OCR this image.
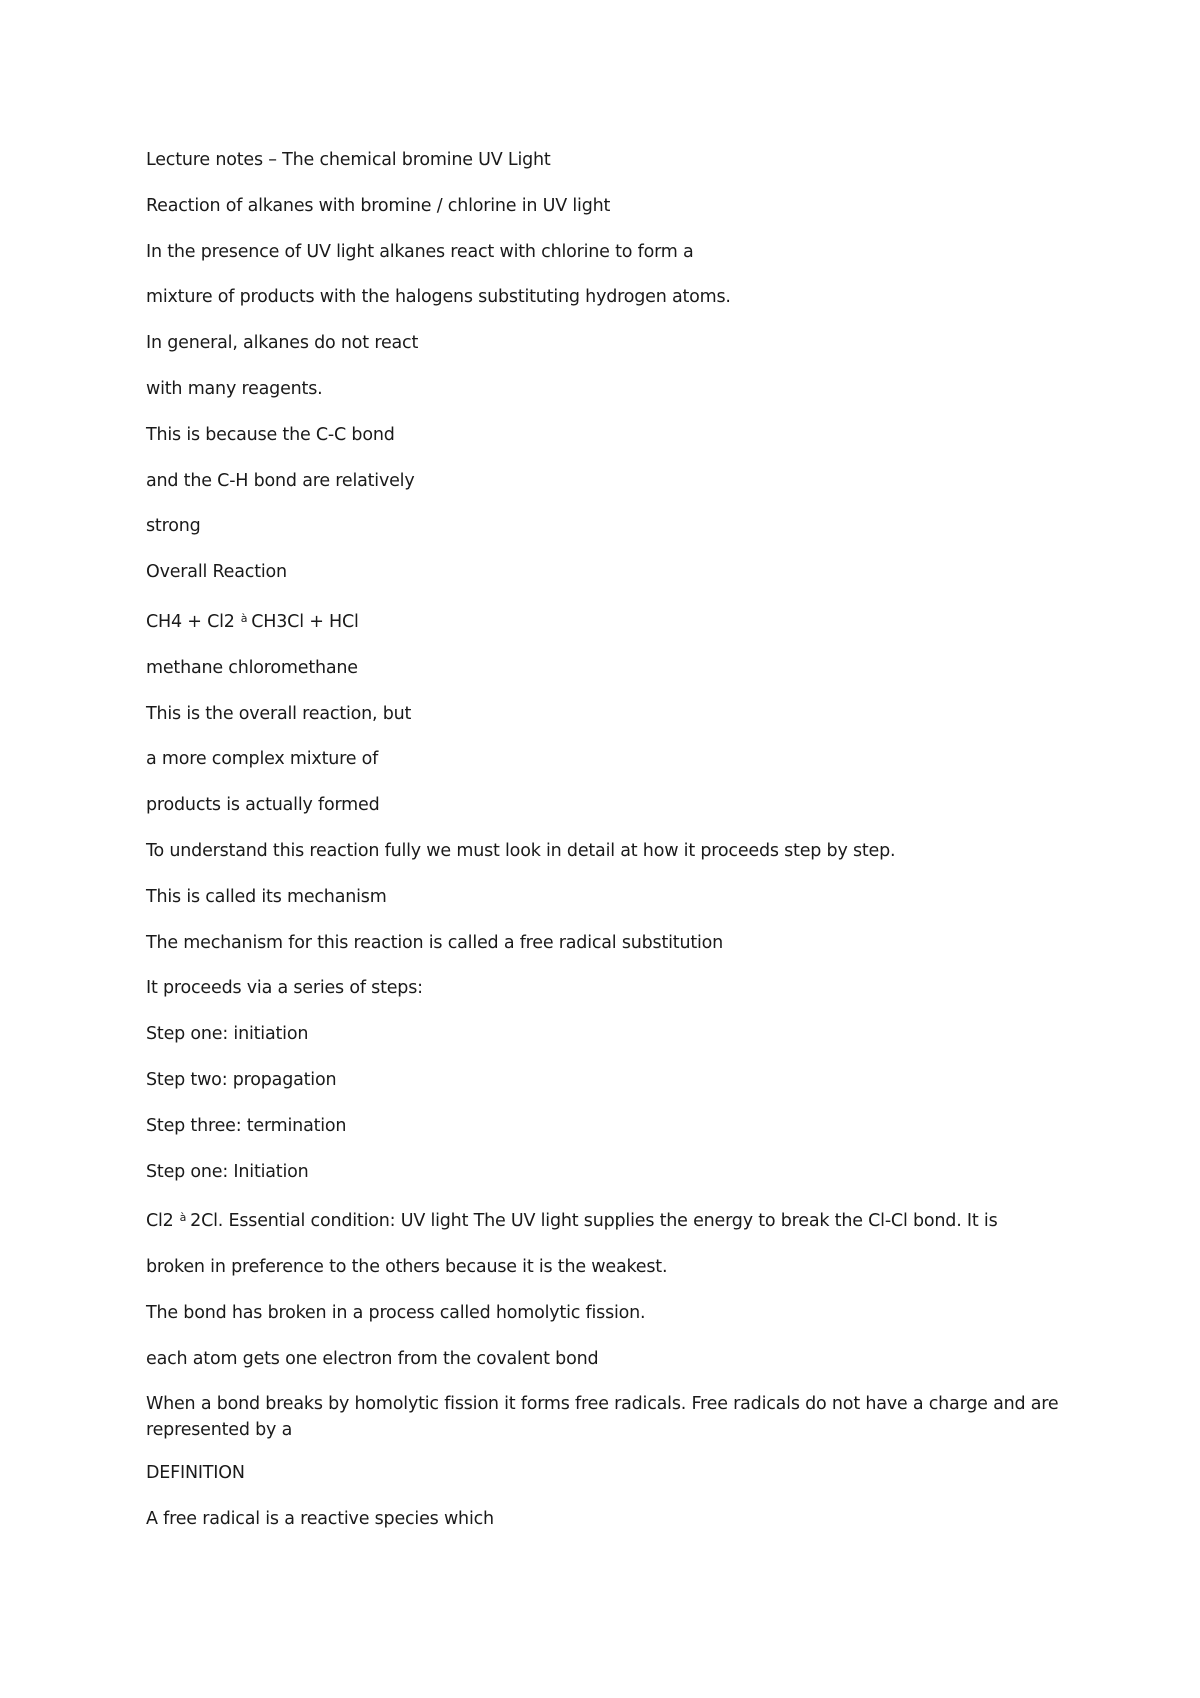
Lecture notes – The chemical bromine UV Light

Reaction of alkanes with bromine / chlorine in UV light

In the presence of UV light alkanes react with chlorine to form a

mixture of products with the halogens substituting hydrogen atoms.

In general, alkanes do not react

with many reagents.

This is because the C-C bond

and the C-H bond are relatively

strong

Overall Reaction

CH4 + Cl2 à CH3Cl + HCl

methane chloromethane

This is the overall reaction, but

a more complex mixture of

products is actually formed

To understand this reaction fully we must look in detail at how it proceeds step by step.

This is called its mechanism

The mechanism for this reaction is called a free radical substitution

It proceeds via a series of steps:

Step one: initiation

Step two: propagation

Step three: termination

Step one: Initiation

Cl2 à 2Cl. Essential condition: UV light The UV light supplies the energy to break the Cl-Cl bond. It is

broken in preference to the others because it is the weakest.

The bond has broken in a process called homolytic fission.

each atom gets one electron from the covalent bond

When a bond breaks by homolytic fission it forms free radicals. Free radicals do not have a charge and are represented by a

DEFINITION

A free radical is a reactive species which
